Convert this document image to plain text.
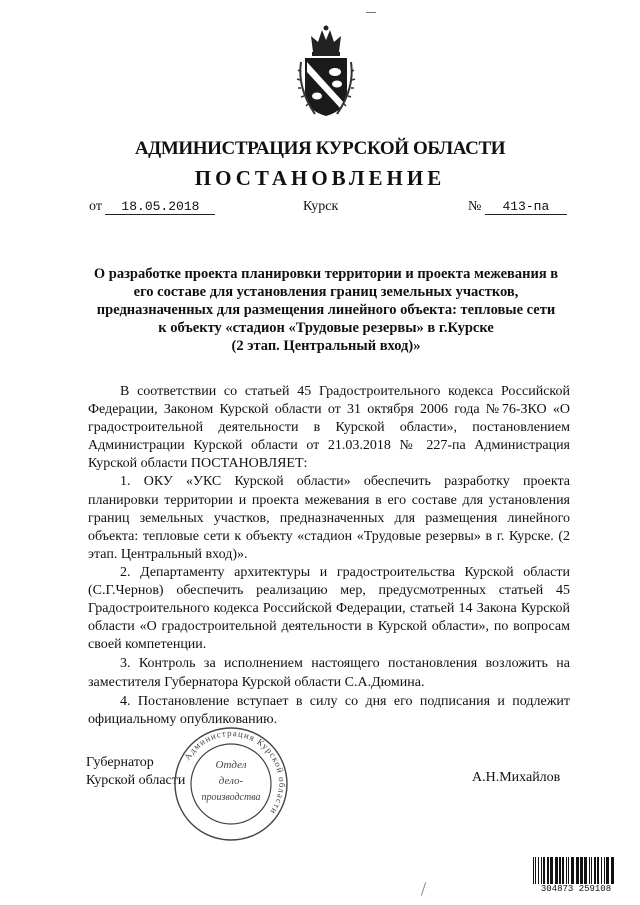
АДМИНИСТРАЦИЯ КУРСКОЙ ОБЛАСТИ
ПОСТАНОВЛЕНИЕ
от 18.05.2018	Курск	№ 413-па
О разработке проекта планировки территории и проекта межевания в
его составе для установления границ земельных участков,
предназначенных для размещения линейного объекта: тепловые сети
к объекту «стадион «Трудовые резервы» в г.Курске
(2 этап. Центральный вход)»

В соответствии со статьей 45 Градостроительного кодекса Российской Федерации, Законом Курской области от 31 октября 2006 года №76-ЗКО «О градостроительной деятельности в Курской области», постановлением Администрации Курской области от 21.03.2018 № 227-па Администрация Курской области ПОСТАНОВЛЯЕТ:

1. ОКУ «УКС Курской области» обеспечить разработку проекта планировки территории и проекта межевания в его составе для установления границ земельных участков, предназначенных для размещения линейного объекта: тепловые сети к объекту «стадион «Трудовые резервы» в г. Курске. (2 этап. Центральный вход)».

2. Департаменту архитектуры и градостроительства Курской области (С.Г.Чернов) обеспечить реализацию мер, предусмотренных статьей 45 Градостроительного кодекса Российской Федерации, статьей 14 Закона Курской области «О градостроительной деятельности в Курской области», по вопросам своей компетенции.

3. Контроль за исполнением настоящего постановления возложить на заместителя Губернатора Курской области С.А.Дюмина.

4. Постановление вступает в силу со дня его подписания и подлежит официальному опубликованию.

Губернатор
Курской области	А.Н.Михайлов
Администрация Курской области
Отдел
дело-
производства
304873 259108
